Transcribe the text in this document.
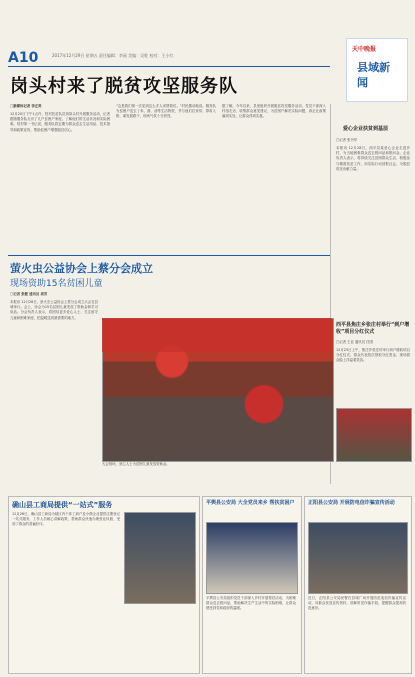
A10	2017年12月29日 星期五 责任编辑：李丽 美编：吴乾 校对：王小红
天中晚报
县域新闻
岗头村来了脱贫攻坚服务队
□新媒体记者 李正贵
12月20日下午1点许，驻村扶贫队员到岗头村开展服务活动，记者跟随服务队走访了几户贫困户家庭，了解他们的生活状况和实际困难。驻村第一书记说，服务队将定期为群众送去生活用品、技术指导和政策宣传，帮助贫困户增强脱贫信心。
“这是我们第一次见到这么多人来帮我们。”村民激动地说。服务队为贫困户送去了米、面、油等生活物资，并与他们拉家常、算收入账、谋发展路子，现场气氛十分热烈。
据了解，今年以来，县里组织开展脱贫攻坚服务活动，党员干部深入村组走访，收集群众意见建议，为贫困户解决实际问题，真正让政策落到实处，让群众得到实惠。
爱心企业扶贫到基层
□记者 张丹华
本报讯 12月28日，西平县某爱心企业走进乡村，为当地困难群众送去慰问品和慰问金。企业负责人表示，将持续关注贫困群众生活，积极参与精准扶贫工作，用实际行动回报社会，为脱贫攻坚贡献力量。
西平县焦庄乡张庄村举行“到户增收”项目分红仪式
□记者 王亚 通讯员 任国
12月25日上午，焦庄乡张庄村举行到户增收项目分红仪式，群众代表依次领取分红资金，现场群众脸上洋溢着笑容。
萤火虫公益协会上蔡分会成立
现场资助15名贫困儿童
□记者 张健 通讯员 周青
本报讯 12月26日，萤火虫公益协会上蔡分会成立大会在县城举行。会上，协会为15名贫困儿童发放了资助金和学习用品。分会负责人表示，将团结更多爱心人士，关注留守儿童和困难家庭，把温暖送到最需要的地方。
大会现场，爱心人士为贫困儿童发放资助金。
确山县工商局提供“一站式”服务
12月26日，确山县工商局为辖区内个体工商户及小微企业提供注册登记一站式服务，工作人员耐心讲解政策，帮助群众快速办理营业执照，受到了群众的普遍好评。
平舆县公安局 大全党员来乡 帮扶贫困户
平舆县公安局组织党员干部深入乡村开展帮扶活动，为困难群众送去慰问品，帮助解决生产生活中的实际困难，让群众感受到党和政府的温暖。
正阳县公安局 开展防电信诈骗宣传活动
近日，正阳县公安局民警在县城广场开展防范电信诈骗宣传活动，向群众发放宣传资料，讲解常见诈骗手段，提醒群众提高防范意识。
